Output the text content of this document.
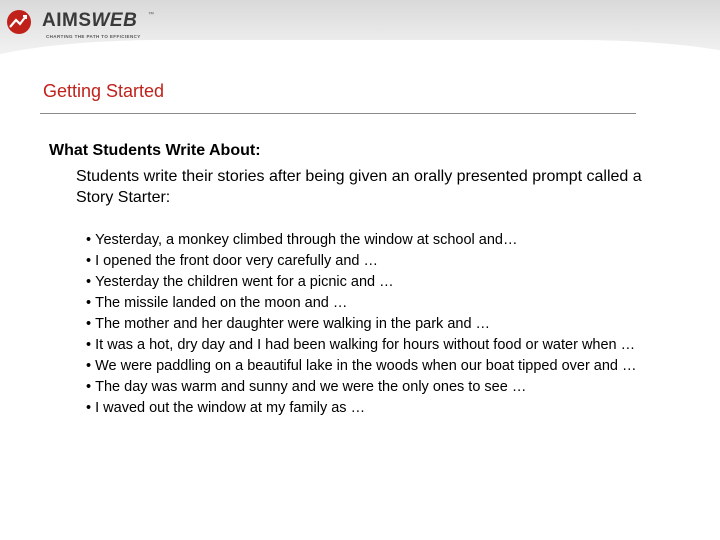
AIMSWEB ™
CHARTING THE PATH TO EFFICIENCY
Getting Started
What Students Write About:
Students write their stories after being given an orally presented prompt called a Story Starter:
• Yesterday, a monkey climbed through the window at school and…
• I opened the front door very carefully and …
• Yesterday the children went for a picnic and …
• The missile landed on the moon and …
• The mother and her daughter were walking in the park and …
• It was a hot, dry day and I had been walking for hours without food or water when …
• We were paddling on a beautiful lake in the woods when our boat tipped over and …
• The day was warm and sunny and we were the only ones to see …
• I waved out the window at my family as …
